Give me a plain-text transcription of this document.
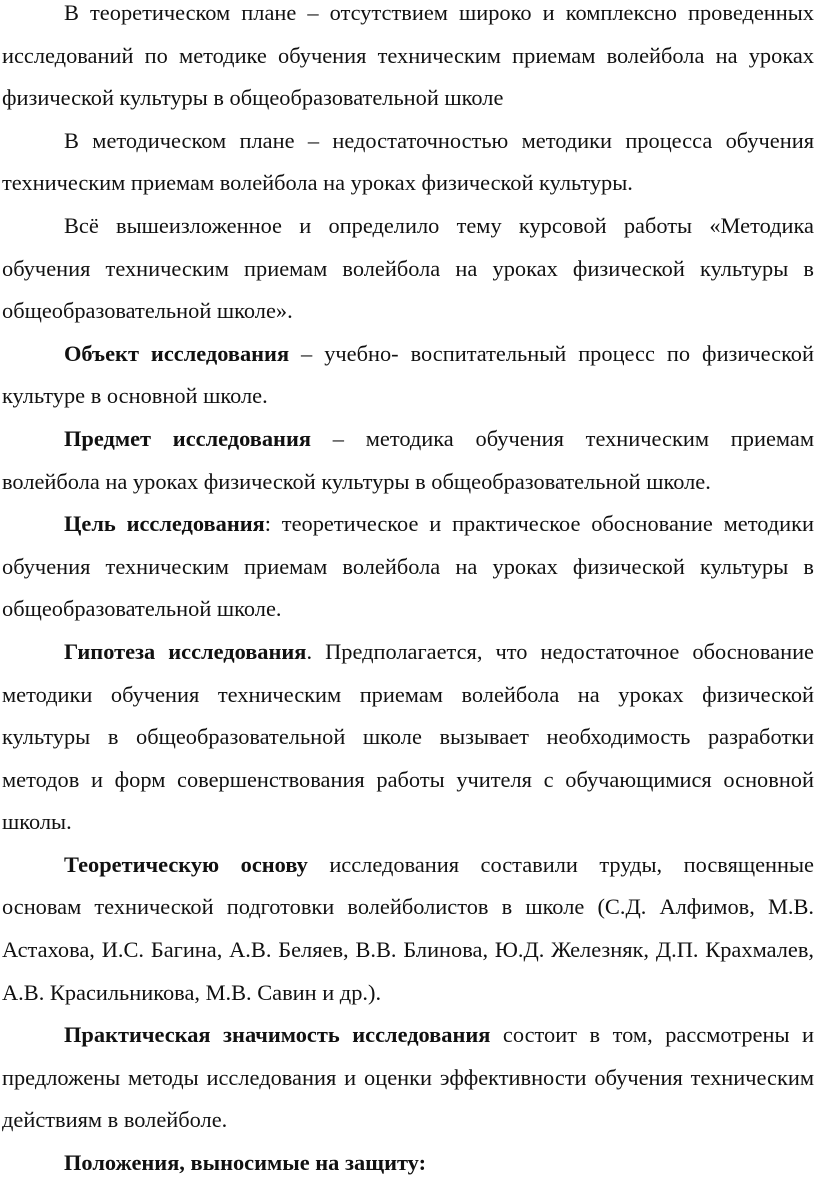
В теоретическом плане – отсутствием широко и комплексно проведенных исследований по методике обучения техническим приемам волейбола на уроках физической культуры в общеобразовательной школе

В методическом плане – недостаточностью методики процесса обучения техническим приемам волейбола на уроках физической культуры.

Всё вышеизложенное и определило тему курсовой работы «Методика обучения техническим приемам волейбола на уроках физической культуры в общеобразовательной школе».

Объект исследования – учебно- воспитательный процесс по физической культуре в основной школе.

Предмет исследования – методика обучения техническим приемам волейбола на уроках физической культуры в общеобразовательной школе.

Цель исследования: теоретическое и практическое обоснование методики обучения техническим приемам волейбола на уроках физической культуры в общеобразовательной школе.

Гипотеза исследования. Предполагается, что недостаточное обоснование методики обучения техническим приемам волейбола на уроках физической культуры в общеобразовательной школе вызывает необходимость разработки методов и форм совершенствования работы учителя с обучающимися основной школы.

Теоретическую основу исследования составили труды, посвященные основам технической подготовки волейболистов в школе (С.Д. Алфимов, М.В. Астахова, И.С. Багина, А.В. Беляев, В.В. Блинова, Ю.Д. Железняк, Д.П. Крахмалев, А.В. Красильникова, М.В. Савин и др.).

Практическая значимость исследования состоит в том, рассмотрены и предложены методы исследования и оценки эффективности обучения техническим действиям в волейболе.

Положения, выносимые на защиту:
